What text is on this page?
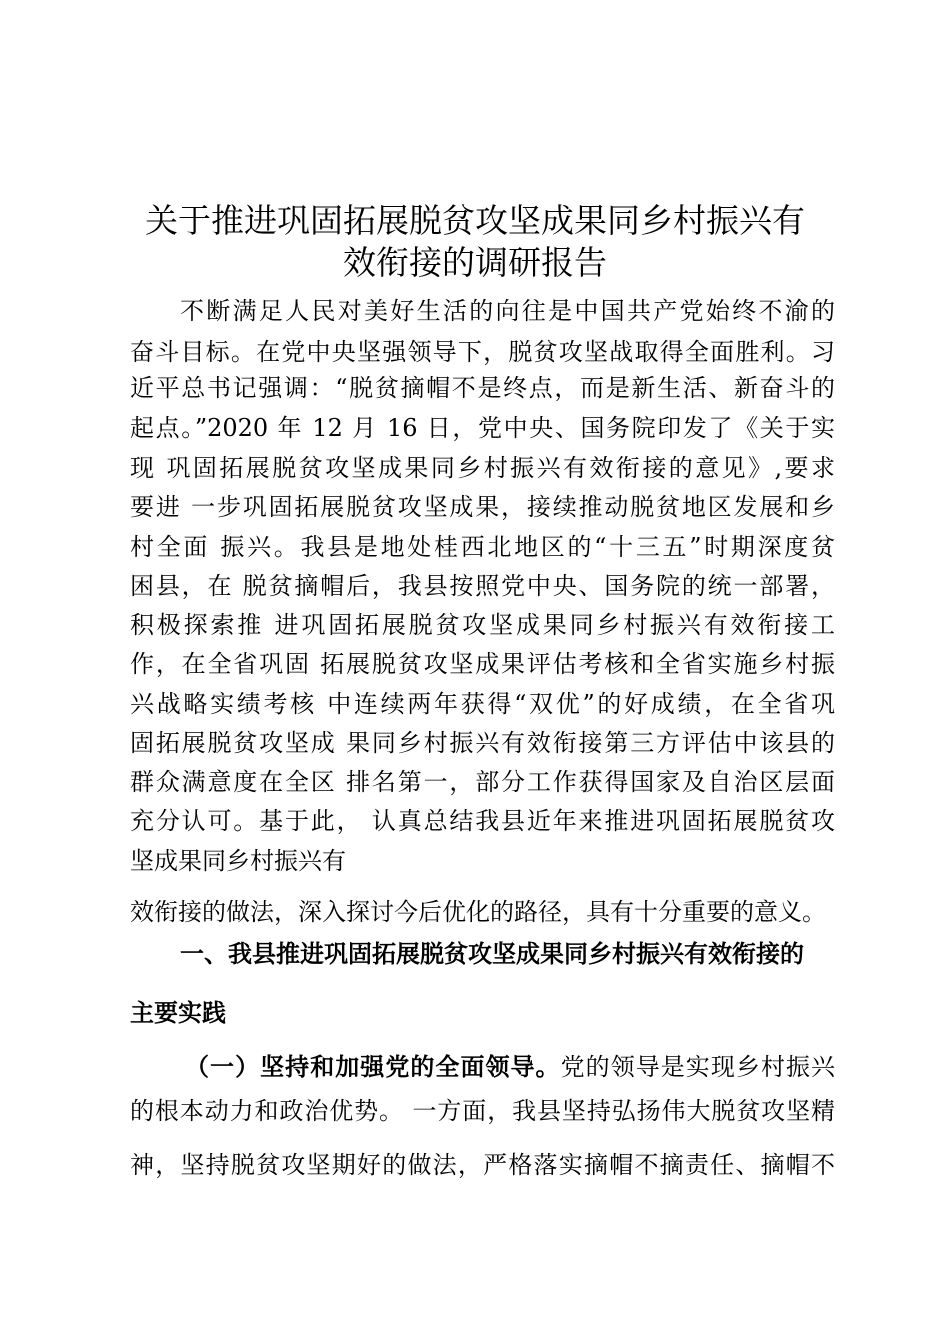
关于推进巩固拓展脱贫攻坚成果同乡村振兴有
效衔接的调研报告
不断满足人民对美好生活的向往是中国共产党始终不渝的
奋斗目标。在党中央坚强领导下，脱贫攻坚战取得全面胜利。习
近平总书记强调：“脱贫摘帽不是终点，而是新生活、新奋斗的
起点。”2020 年 12 月 16 日，党中央、国务院印发了《关于实
现 巩固拓展脱贫攻坚成果同乡村振兴有效衔接的意见》,要求
要进 一步巩固拓展脱贫攻坚成果，接续推动脱贫地区发展和乡
村全面 振兴。我县是地处桂西北地区的“十三五”时期深度贫
困县，在 脱贫摘帽后，我县按照党中央、国务院的统一部署，
积极探索推 进巩固拓展脱贫攻坚成果同乡村振兴有效衔接工
作，在全省巩固 拓展脱贫攻坚成果评估考核和全省实施乡村振
兴战略实绩考核 中连续两年获得“双优”的好成绩，在全省巩
固拓展脱贫攻坚成 果同乡村振兴有效衔接第三方评估中该县的
群众满意度在全区 排名第一，部分工作获得国家及自治区层面
充分认可。基于此， 认真总结我县近年来推进巩固拓展脱贫攻
坚成果同乡村振兴有
效衔接的做法，深入探讨今后优化的路径，具有十分重要的意义。
一、我县推进巩固拓展脱贫攻坚成果同乡村振兴有效衔接的
主要实践
（一）坚持和加强党的全面领导。党的领导是实现乡村振兴
的根本动力和政治优势。 一方面，我县坚持弘扬伟大脱贫攻坚精
神，坚持脱贫攻坚期好的做法，严格落实摘帽不摘责任、摘帽不
